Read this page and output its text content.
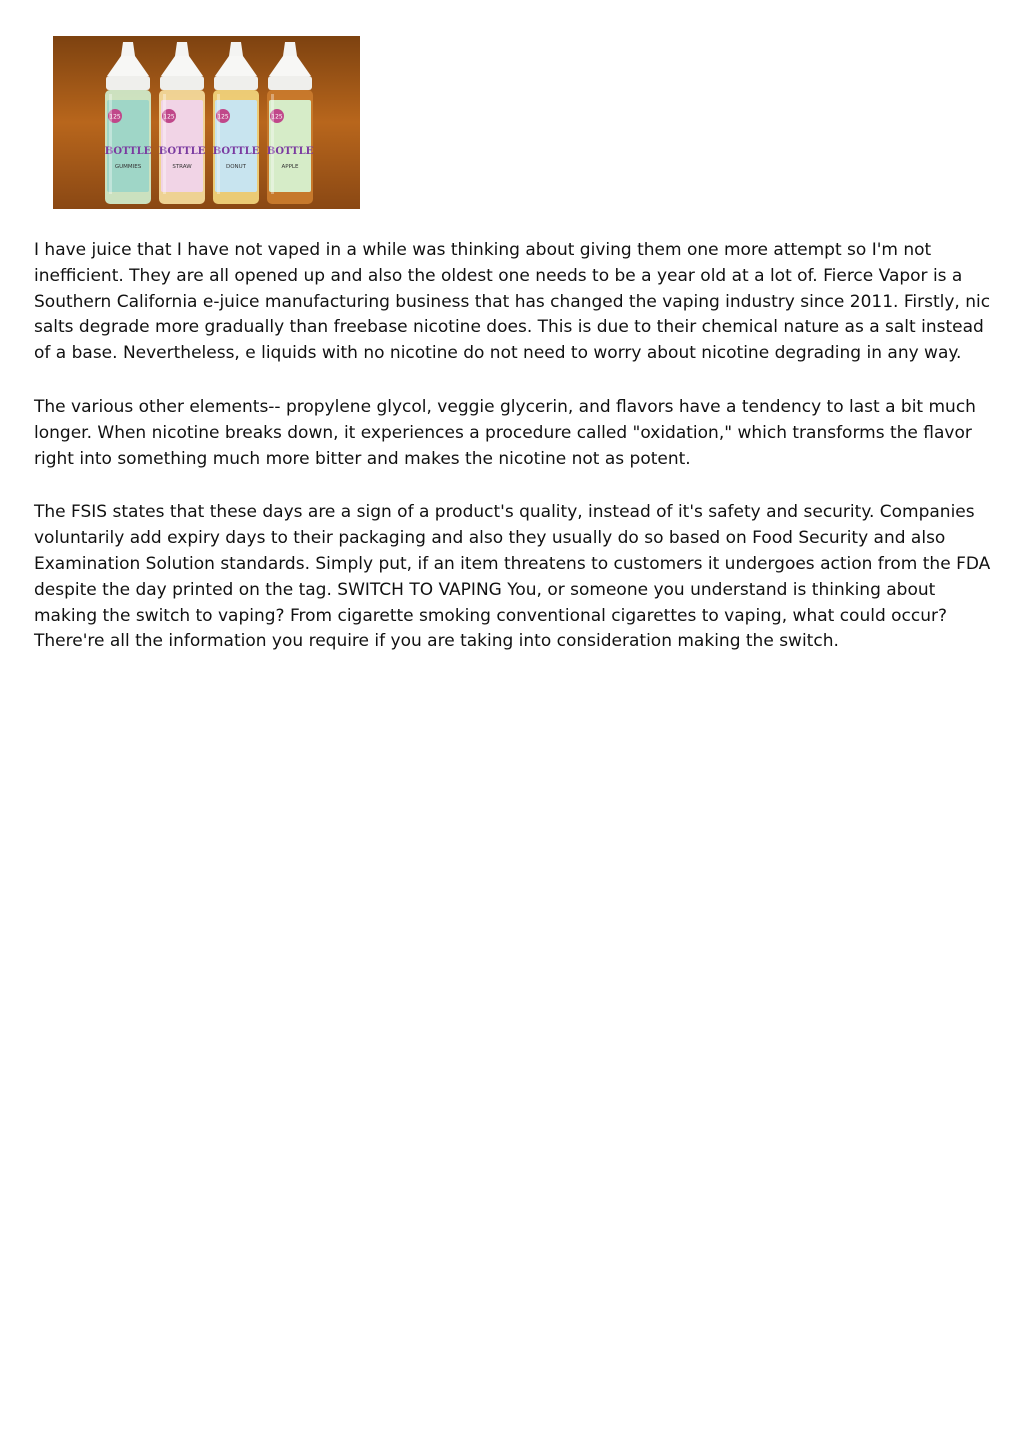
125
BOTTLE
GUMMIES
125
BOTTLE
STRAW
125
BOTTLE
DONUT
125
BOTTLE
APPLE

I have juice that I have not vaped in a while was thinking about giving them one more attempt so I'm not inefficient. They are all opened up and also the oldest one needs to be a year old at a lot of. Fierce Vapor is a Southern California e-juice manufacturing business that has changed the vaping industry since 2011. Firstly, nic salts degrade more gradually than freebase nicotine does. This is due to their chemical nature as a salt instead of a base. Nevertheless, e liquids with no nicotine do not need to worry about nicotine degrading in any way.

The various other elements-- propylene glycol, veggie glycerin, and flavors have a tendency to last a bit much longer. When nicotine breaks down, it experiences a procedure called "oxidation," which transforms the flavor right into something much more bitter and makes the nicotine not as potent.

The FSIS states that these days are a sign of a product's quality, instead of it's safety and security. Companies voluntarily add expiry days to their packaging and also they usually do so based on Food Security and also Examination Solution standards. Simply put, if an item threatens to customers it undergoes action from the FDA despite the day printed on the tag. SWITCH TO VAPING You, or someone you understand is thinking about making the switch to vaping? From cigarette smoking conventional cigarettes to vaping, what could occur? There're all the information you require if you are taking into consideration making the switch.
